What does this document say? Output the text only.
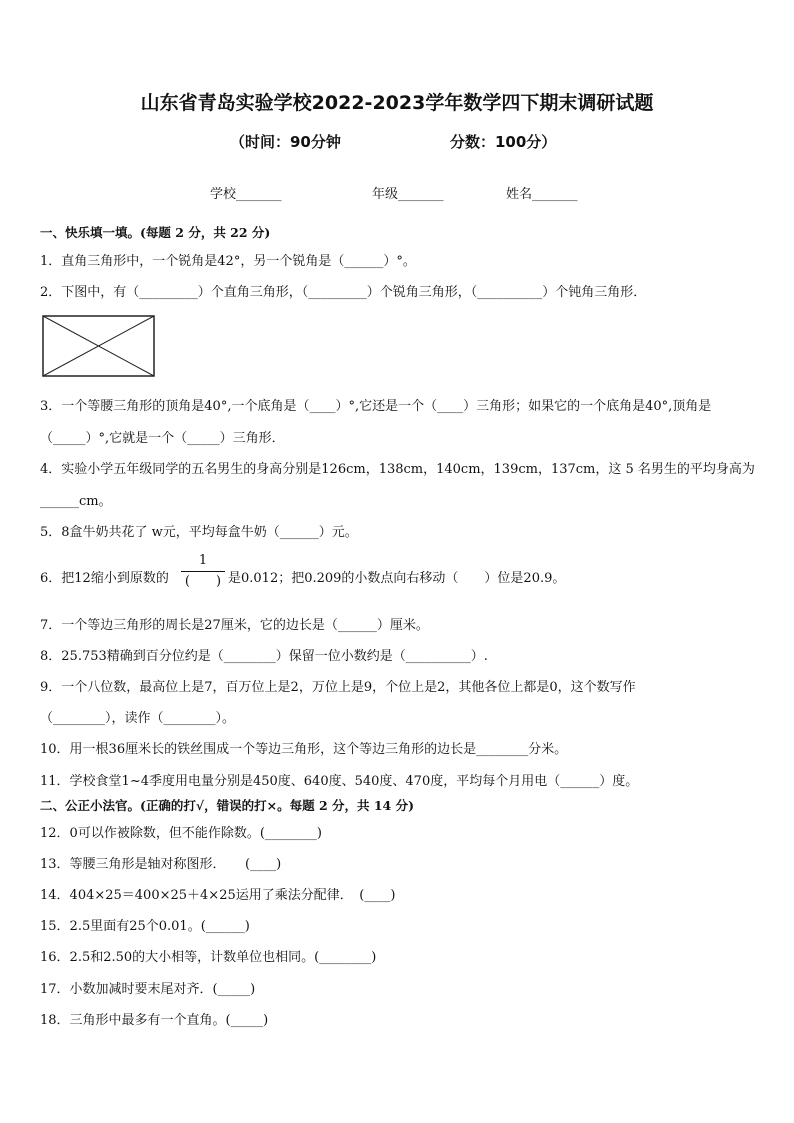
山东省青岛实验学校2022-2023学年数学四下期末调研试题
（时间：90分钟	分数：100分）
学校_______	年级_______	姓名_______
一、快乐填一填。(每题 2 分，共 22 分)
1．直角三角形中，一个锐角是42°，另一个锐角是（______）°。
2．下图中，有（_________）个直角三角形，（_________）个锐角三角形，（__________）个钝角三角形．
3．一个等腰三角形的顶角是40°,一个底角是（____）°,它还是一个（____）三角形；如果它的一个底角是40°,顶角是
（_____）°,它就是一个（_____）三角形．
4．实验小学五年级同学的五名男生的身高分别是126cm，138cm，140cm，139cm，137cm，这 5 名男生的平均身高为
______cm。
5．8盒牛奶共花了 w元，平均每盒牛奶（______）元。
6．把12缩小到原数的
1
(　　) 是0.012；把0.209的小数点向右移动（　　）位是20.9。
7．一个等边三角形的周长是27厘米，它的边长是（______）厘米。
8．25.753精确到百分位约是（________）保留一位小数约是（__________）.
9．一个八位数，最高位上是7，百万位上是2，万位上是9，个位上是2，其他各位上都是0，这个数写作
（________），读作（________）。
10．用一根36厘米长的铁丝围成一个等边三角形，这个等边三角形的边长是________分米。
11．学校食堂1~4季度用电量分别是450度、640度、540度、470度，平均每个月用电（______）度。
二、公正小法官。(正确的打√，错误的打×。每题 2 分，共 14 分)
12．0可以作被除数，但不能作除数。(________)
13．等腰三角形是轴对称图形．　　(____)
14．404×25＝400×25＋4×25运用了乘法分配律．　(____)
15．2.5里面有25个0.01。(______)
16．2.5和2.50的大小相等，计数单位也相同。(________)
17．小数加减时要末尾对齐．(_____)
18．三角形中最多有一个直角。(_____)
